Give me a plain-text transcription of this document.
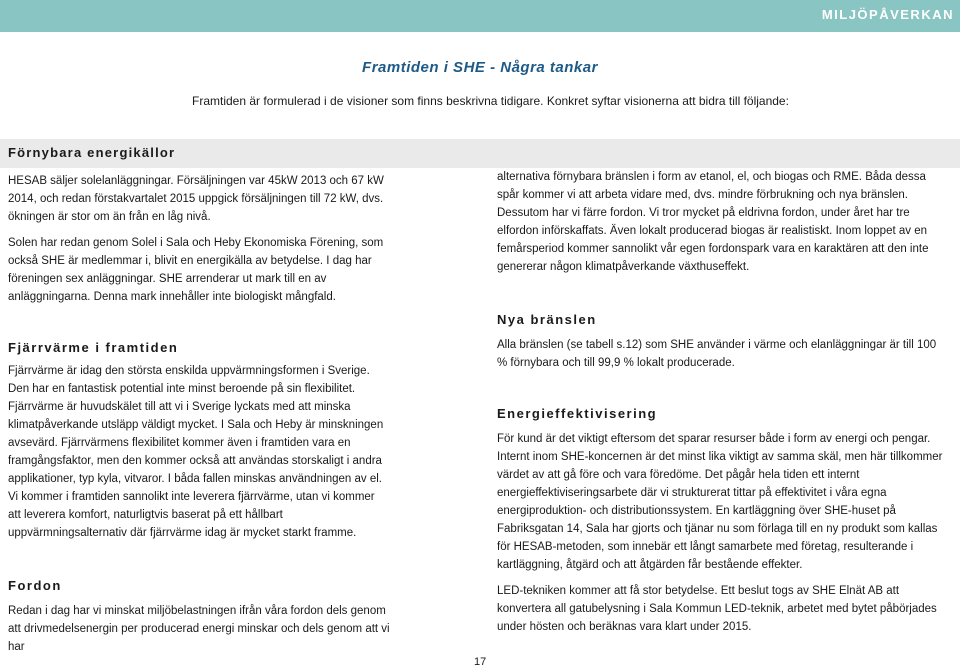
MILJÖPÅVERKAN
Framtiden i SHE - Några tankar
Framtiden är formulerad i de visioner som finns beskrivna tidigare. Konkret syftar visionerna att bidra till följande:
Förnybara energikällor

HESAB säljer solelanläggningar. Försäljningen var 45kW 2013 och 67 kW 2014, och redan förstakvartalet 2015 uppgick försäljningen till 72 kW, dvs. ökningen är stor om än från en låg nivå.

Solen har redan genom Solel i Sala och Heby Ekonomiska Förening, som också SHE är medlemmar i, blivit en energikälla av betydelse. I dag har föreningen sex anläggningar. SHE arrenderar ut mark till en av anläggningarna. Denna mark innehåller inte biologiskt mångfald.

Fjärrvärme i framtiden

Fjärrvärme är idag den största enskilda uppvärmningsformen i Sverige. Den har en fantastisk potential inte minst beroende på sin flexibilitet. Fjärrvärme är huvudskälet till att vi i Sverige lyckats med att minska klimatpåverkande utsläpp väldigt mycket. I Sala och Heby är minskningen avsevärd. Fjärrvärmens flexibilitet kommer även i framtiden vara en framgångsfaktor, men den kommer också att användas storskaligt i andra applikationer, typ kyla, vitvaror. I båda fallen minskas användningen av el. Vi kommer i framtiden sannolikt inte leverera fjärrvärme, utan vi kommer att leverera komfort, naturligtvis baserat på ett hållbart uppvärmningsalternativ där fjärrvärme idag är mycket starkt framme.

Fordon

Redan i dag har vi minskat miljöbelastningen ifrån våra fordon dels genom att drivmedelsenergin per producerad energi minskar och dels genom att vi har

alternativa förnybara bränslen i form av etanol, el, och biogas och RME. Båda dessa spår kommer vi att arbeta vidare med, dvs. mindre förbrukning och nya bränslen. Dessutom har vi färre fordon. Vi tror mycket på eldrivna fordon, under året har tre elfordon införskaffats. Även lokalt producerad biogas är realistiskt. Inom loppet av en femårsperiod kommer sannolikt vår egen fordonspark vara en karaktären att den inte genererar någon klimatpåverkande växthuseffekt.

Nya bränslen

Alla bränslen (se tabell s.12) som SHE använder i värme och elanläggningar är till 100 % förnybara och till 99,9 % lokalt producerade.

Energieffektivisering

För kund är det viktigt eftersom det sparar resurser både i form av energi och pengar. Internt inom SHE-koncernen är det minst lika viktigt av samma skäl, men här tillkommer värdet av att gå före och vara föredöme. Det pågår hela tiden ett internt energieffektiviseringsarbete där vi strukturerat tittar på effektivitet i våra egna energiproduktion- och distributionssystem. En kartläggning över SHE-huset på Fabriksgatan 14, Sala har gjorts och tjänar nu som förlaga till en ny produkt som kallas för HESAB-metoden, som innebär ett långt samarbete med företag, resulterande i kartläggning, åtgärd och att åtgärden får bestående effekter.

LED-tekniken kommer att få stor betydelse. Ett beslut togs av SHE Elnät AB att konvertera all gatubelysning i Sala Kommun LED-teknik, arbetet med bytet påbörjades under hösten och beräknas vara klart under 2015.

17
